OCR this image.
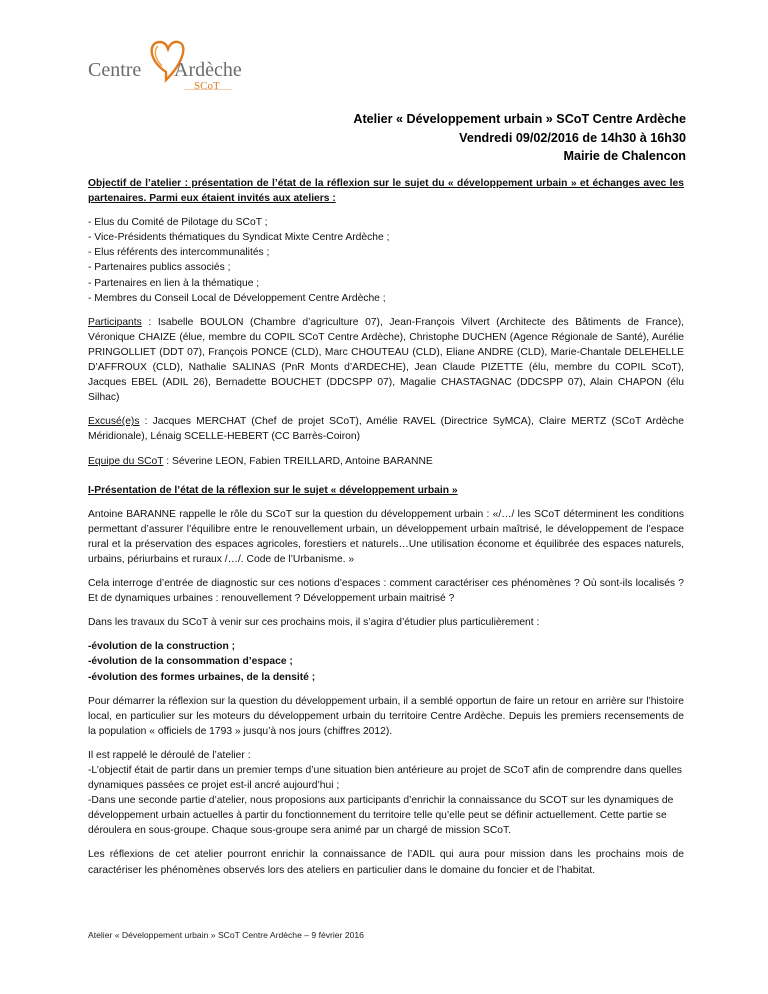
Centre Ardèche
SCoT
Atelier « Développement urbain » SCoT Centre Ardèche
Vendredi 09/02/2016 de 14h30 à 16h30
Mairie de Chalencon

Objectif de l’atelier : présentation de l’état de la réflexion sur le sujet du « développement urbain » et échanges avec les partenaires. Parmi eux étaient invités aux ateliers :

- Elus du Comité de Pilotage du SCoT ;
- Vice-Présidents thématiques du Syndicat Mixte Centre Ardèche ;
- Elus référents des intercommunalités ;
- Partenaires publics associés ;
- Partenaires en lien à la thématique ;
- Membres du Conseil Local de Développement Centre Ardèche ;

Participants : Isabelle BOULON (Chambre d’agriculture 07), Jean-François Vilvert (Architecte des Bâtiments de France), Véronique CHAIZE (élue, membre du COPIL SCoT Centre Ardèche), Christophe DUCHEN (Agence Régionale de Santé), Aurélie PRINGOLLIET (DDT 07), François PONCE (CLD), Marc CHOUTEAU (CLD), Eliane ANDRE (CLD), Marie-Chantale DELEHELLE D’AFFROUX (CLD), Nathalie SALINAS (PnR Monts d’ARDECHE), Jean Claude PIZETTE (élu, membre du COPIL SCoT), Jacques EBEL (ADIL 26), Bernadette BOUCHET (DDCSPP 07), Magalie CHASTAGNAC (DDCSPP 07), Alain CHAPON (élu Silhac)

Excusé(e)s : Jacques MERCHAT (Chef de projet SCoT), Amélie RAVEL (Directrice SyMCA), Claire MERTZ (SCoT Ardèche Méridionale), Lénaig SCELLE-HEBERT (CC Barrès-Coiron)

Equipe du SCoT : Séverine LEON, Fabien TREILLARD, Antoine BARANNE

I-Présentation de l’état de la réflexion sur le sujet « développement urbain »

Antoine BARANNE rappelle le rôle du SCoT sur la question du développement urbain : «/…/ les SCoT déterminent les conditions permettant d’assurer l’équilibre entre le renouvellement urbain, un développement urbain maîtrisé, le développement de l’espace rural et la préservation des espaces agricoles, forestiers et naturels…Une utilisation économe et équilibrée des espaces naturels, urbains, périurbains et ruraux /…/. Code de l’Urbanisme. »

Cela interroge d’entrée de diagnostic sur ces notions d’espaces : comment caractériser ces phénomènes ? Où sont-ils localisés ? Et de dynamiques urbaines : renouvellement ? Développement urbain maitrisé ?

Dans les travaux du SCoT à venir sur ces prochains mois, il s’agira d’étudier plus particulièrement :

-évolution de la construction ;
-évolution de la consommation d’espace ;
-évolution des formes urbaines, de la densité ;

Pour démarrer la réflexion sur la question du développement urbain, il a semblé opportun de faire un retour en arrière sur l’histoire local, en particulier sur les moteurs du développement urbain du territoire Centre Ardèche. Depuis les premiers recensements de la population « officiels de 1793 » jusqu’à nos jours (chiffres 2012).

Il est rappelé le déroulé de l’atelier :
-L’objectif était de partir dans un premier temps d’une situation bien antérieure au projet de SCoT afin de comprendre dans quelles dynamiques passées ce projet est-il ancré aujourd’hui ;
-Dans une seconde partie d’atelier, nous proposions aux participants d’enrichir la connaissance du SCOT sur les dynamiques de développement urbain actuelles à partir du fonctionnement du territoire telle qu’elle peut se définir actuellement. Cette partie se déroulera en sous-groupe. Chaque sous-groupe sera animé par un chargé de mission SCoT.

Les réflexions de cet atelier pourront enrichir la connaissance de l’ADIL qui aura pour mission dans les prochains mois de caractériser les phénomènes observés lors des ateliers en particulier dans le domaine du foncier et de l’habitat.

Atelier « Développement urbain » SCoT Centre Ardèche – 9 février 2016
